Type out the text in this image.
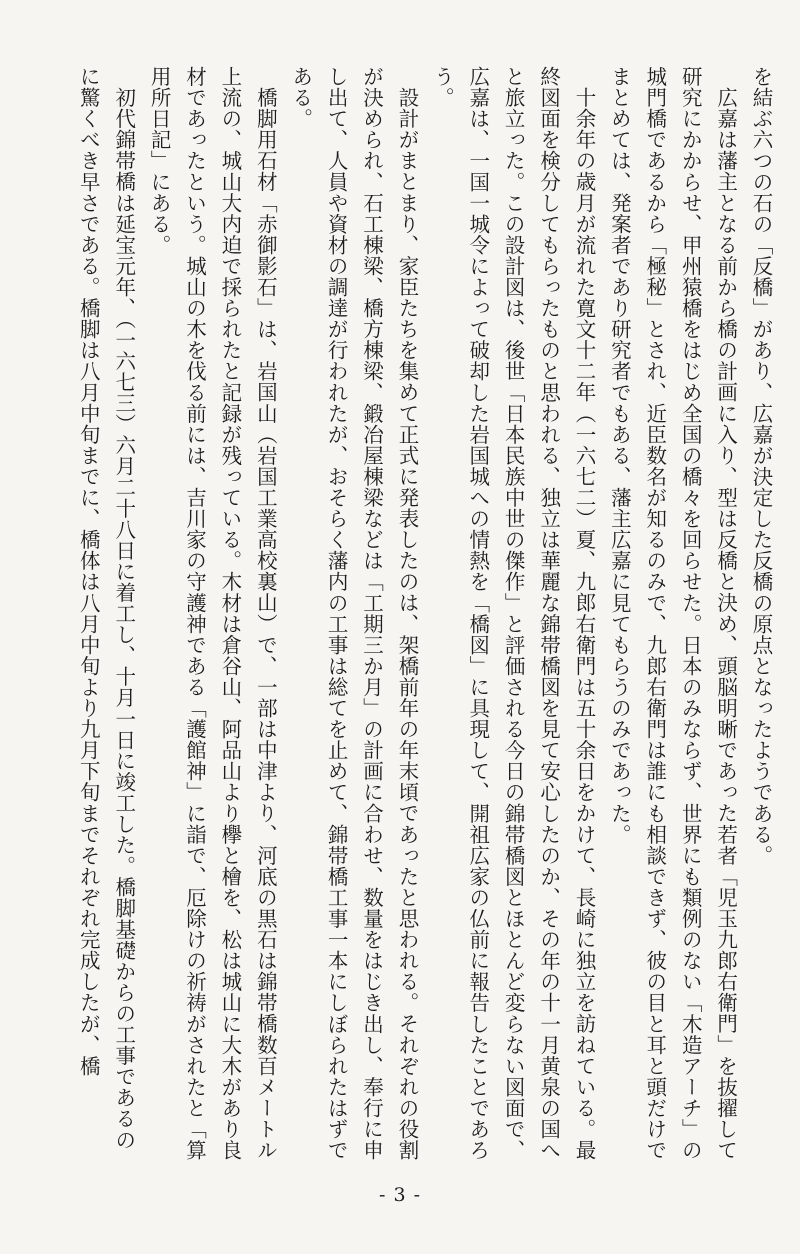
を結ぶ六つの石の「反橋」があり、広嘉が決定した反橋の原点となったようである。

広嘉は藩主となる前から橋の計画に入り、型は反橋と決め、頭脳明晰であった若者「児玉九郎右衛門」を抜擢して研究にかからせ、甲州猿橋をはじめ全国の橋々を回らせた。日本のみならず、世界にも類例のない「木造アーチ」の城門橋であるから「極秘」とされ、近臣数名が知るのみで、九郎右衛門は誰にも相談できず、彼の目と耳と頭だけでまとめては、発案者であり研究者でもある、藩主広嘉に見てもらうのみであった。

十余年の歳月が流れた寛文十二年（一六七二）夏、九郎右衛門は五十余日をかけて、長崎に独立を訪ねている。最終図面を検分してもらったものと思われる、独立は華麗な錦帯橋図を見て安心したのか、その年の十一月黄泉の国へと旅立った。この設計図は、後世「日本民族中世の傑作」と評価される今日の錦帯橋図とほとんど変らない図面で、広嘉は、一国一城令によって破却した岩国城への情熱を「橋図」に具現して、開祖広家の仏前に報告したことであろう。

設計がまとまり、家臣たちを集めて正式に発表したのは、架橋前年の年末頃であったと思われる。それぞれの役割が決められ、石工棟梁、橋方棟梁、鍛冶屋棟梁などは「工期三か月」の計画に合わせ、数量をはじき出し、奉行に申し出て、人員や資材の調達が行われたが、おそらく藩内の工事は総てを止めて、錦帯橋工事一本にしぼられたはずである。

橋脚用石材「赤御影石」は、岩国山（岩国工業高校裏山）で、一部は中津より、河底の黒石は錦帯橋数百メートル上流の、城山大内迫で採られたと記録が残っている。木材は倉谷山、阿品山より欅と檜を、松は城山に大木があり良材であったという。城山の木を伐る前には、吉川家の守護神である「護館神」に詣で、厄除けの祈祷がされたと「算用所日記」にある。

初代錦帯橋は延宝元年、（一六七三）六月二十八日に着工し、十月一日に竣工した。橋脚基礎からの工事であるのに驚くべき早さである。橋脚は八月中旬までに、橋体は八月中旬より九月下旬までそれぞれ完成したが、橋

- 3 -
